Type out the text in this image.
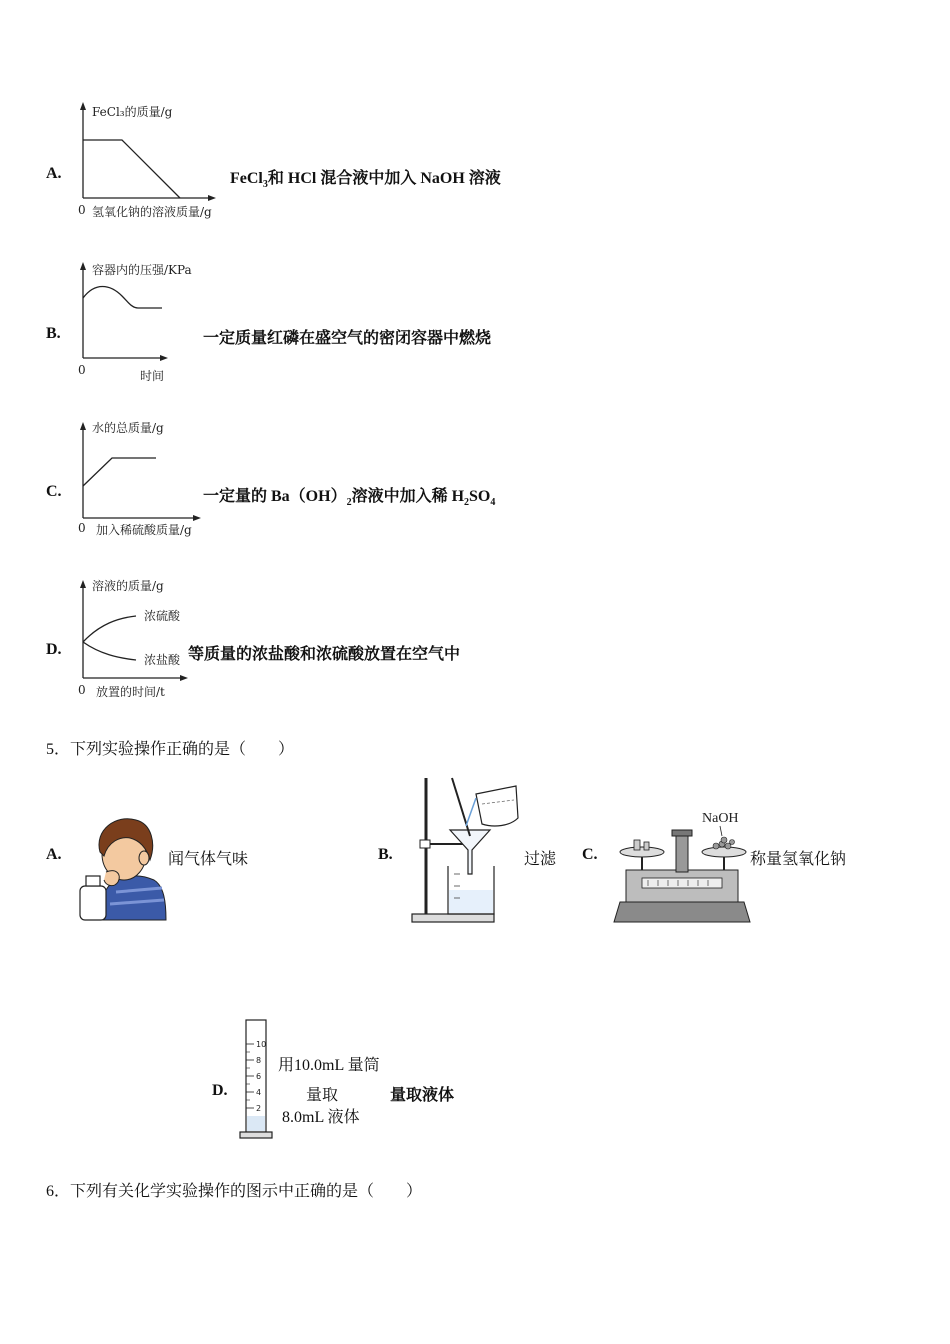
A.
FeCl₃的质量/g
0 氢氧化钠的溶液质量/g
FeCl$_3$和 HCl 混合液中加入 NaOH 溶液
B.
容器内的压强/KPa
0	时间
一定质量红磷在盛空气的密闭容器中燃烧
C.
水的总质量/g
0 加入稀硫酸质量/g
一定量的 $Ba(OH)_2$溶液中加入稀 $H_2SO_4$
D.
溶液的质量/g
浓硫酸
浓盐酸
0 放置的时间/t
等质量的浓盐酸和浓硫酸放置在空气中
5．下列实验操作正确的是（　　）
A.	闻气体气味	B.	过滤 C.
NaOH
称量氢氧化钠
D.
10
8
6
4
2
用10.0mL 量筒
量取
8.0mL 液体
量取液体
6．下列有关化学实验操作的图示中正确的是（　　）
